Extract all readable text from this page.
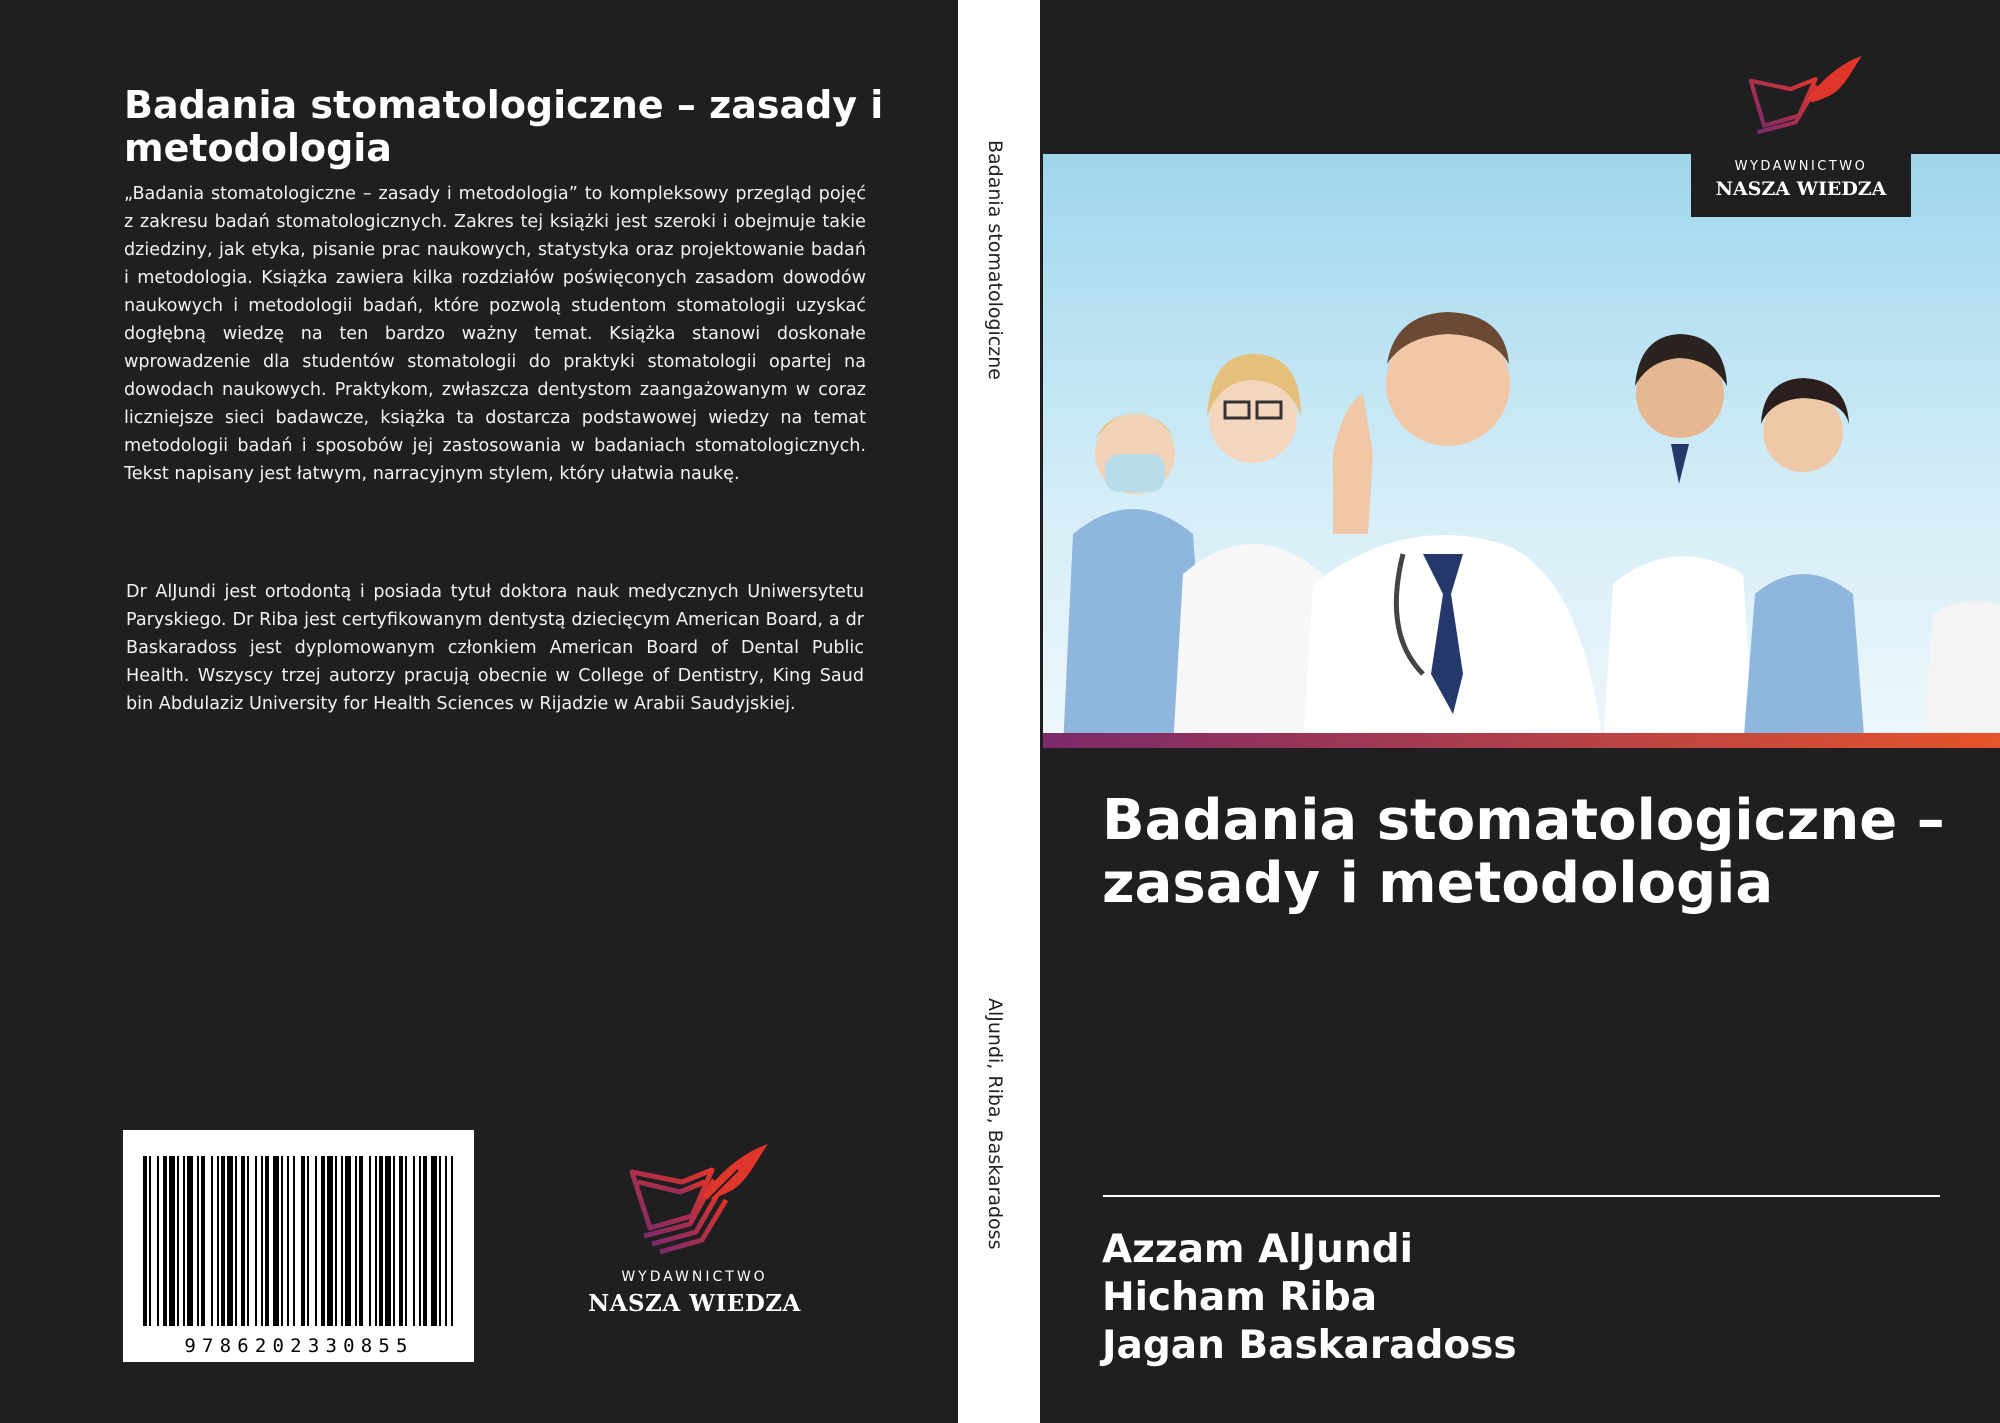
Badania stomatologiczne – zasady i metodologia

„Badania stomatologiczne – zasady i metodologia” to kompleksowy przegląd pojęć z zakresu badań stomatologicznych. Zakres tej książki jest szeroki i obejmuje takie dziedziny, jak etyka, pisanie prac naukowych, statystyka oraz projektowanie badań i metodologia. Książka zawiera kilka rozdziałów poświęconych zasadom dowodów naukowych i metodologii badań, które pozwolą studentom stomatologii uzyskać dogłębną wiedzę na ten bardzo ważny temat. Książka stanowi doskonałe wprowadzenie dla studentów stomatologii do praktyki stomatologii opartej na dowodach naukowych. Praktykom, zwłaszcza dentystom zaangażowanym w coraz liczniejsze sieci badawcze, książka ta dostarcza podstawowej wiedzy na temat metodologii badań i sposobów jej zastosowania w badaniach stomatologicznych. Tekst napisany jest łatwym, narracyjnym stylem, który ułatwia naukę.

Dr AlJundi jest ortodontą i posiada tytuł doktora nauk medycznych Uniwersytetu Paryskiego. Dr Riba jest certyfikowanym dentystą dziecięcym American Board, a dr Baskaradoss jest dyplomowanym członkiem American Board of Dental Public Health. Wszyscy trzej autorzy pracują obecnie w College of Dentistry, King Saud bin Abdulaziz University for Health Sciences w Rijadzie w Arabii Saudyjskiej.

9786202330855
WYDAWNICTWO
NASZA WIEDZA
Badania stomatologiczne
AlJundi, Riba, Baskaradoss
WYDAWNICTWO
NASZA WIEDZA
Badania stomatologiczne – zasady i metodologia
Azzam AlJundi
Hicham Riba
Jagan Baskaradoss
